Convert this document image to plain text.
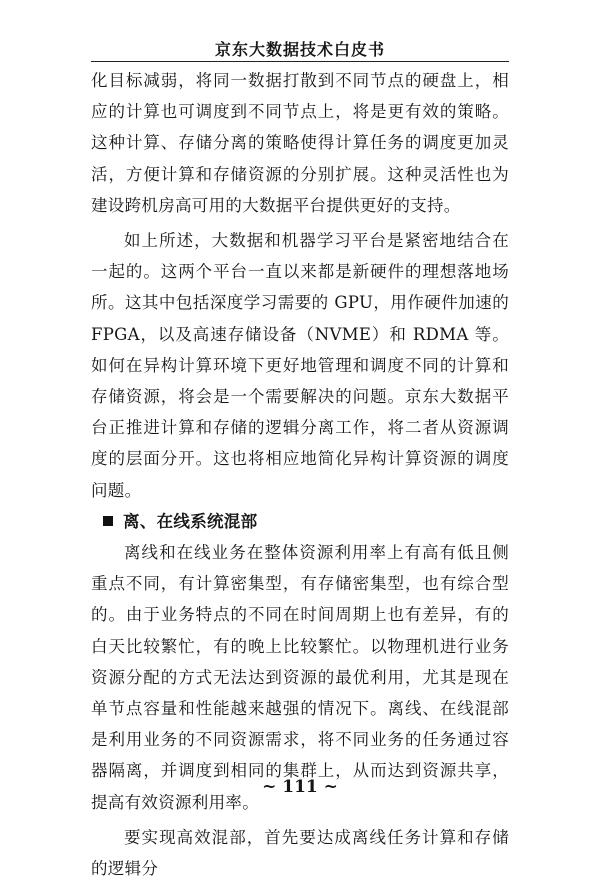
京东大数据技术白皮书

化目标减弱，将同一数据打散到不同节点的硬盘上，相应的计算也可调度到不同节点上，将是更有效的策略。这种计算、存储分离的策略使得计算任务的调度更加灵活，方便计算和存储资源的分别扩展。这种灵活性也为建设跨机房高可用的大数据平台提供更好的支持。

如上所述，大数据和机器学习平台是紧密地结合在一起的。这两个平台一直以来都是新硬件的理想落地场所。这其中包括深度学习需要的 GPU，用作硬件加速的 FPGA，以及高速存储设备（NVME）和 RDMA 等。如何在异构计算环境下更好地管理和调度不同的计算和存储资源，将会是一个需要解决的问题。京东大数据平台正推进计算和存储的逻辑分离工作，将二者从资源调度的层面分开。这也将相应地简化异构计算资源的调度问题。

离、在线系统混部

离线和在线业务在整体资源利用率上有高有低且侧重点不同，有计算密集型，有存储密集型，也有综合型的。由于业务特点的不同在时间周期上也有差异，有的白天比较繁忙，有的晚上比较繁忙。以物理机进行业务资源分配的方式无法达到资源的最优利用，尤其是现在单节点容量和性能越来越强的情况下。离线、在线混部是利用业务的不同资源需求，将不同业务的任务通过容器隔离，并调度到相同的集群上，从而达到资源共享，提高有效资源利用率。

要实现高效混部，首先要达成离线任务计算和存储的逻辑分

~ 111 ~
